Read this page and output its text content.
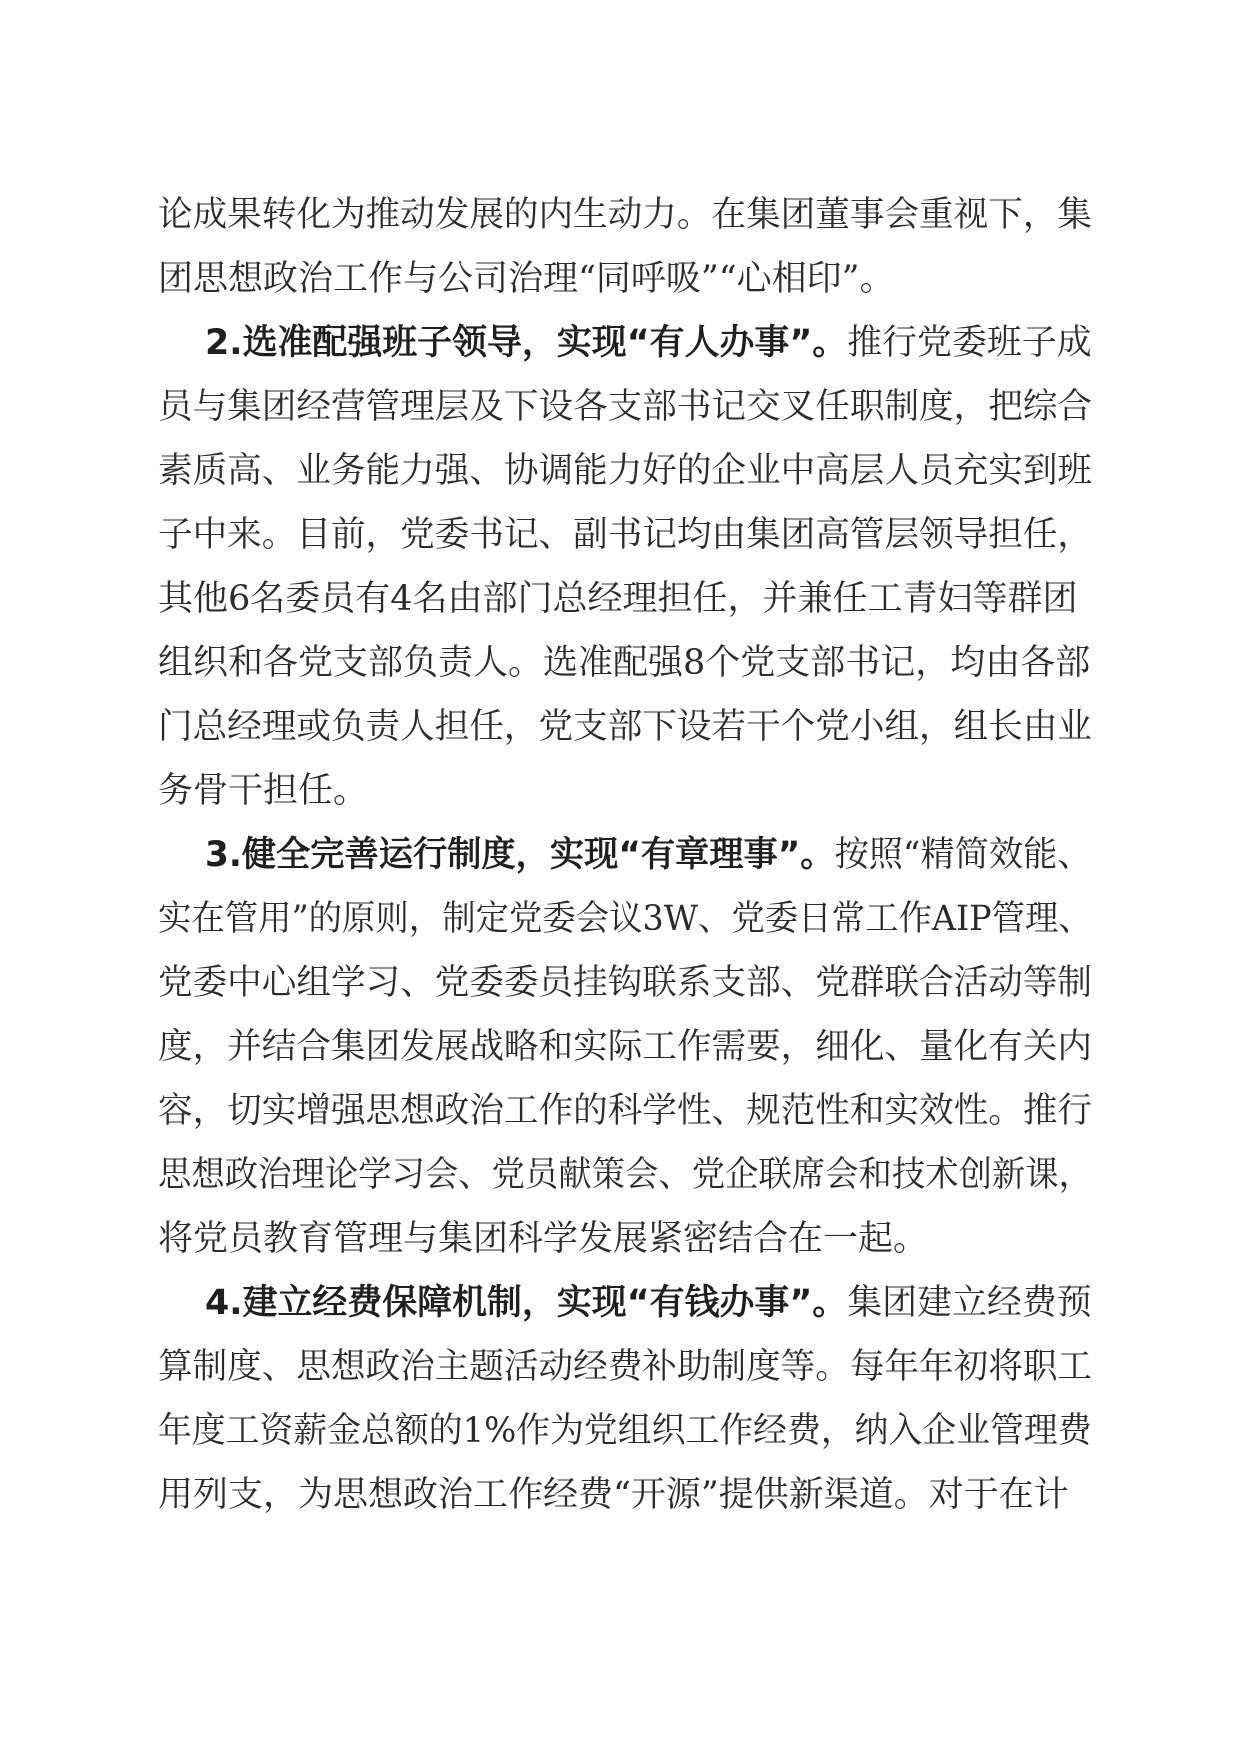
论成果转化为推动发展的内生动力。在集团董事会重视下，集
团思想政治工作与公司治理“同呼吸”“心相印”。
2.选准配强班子领导，实现“有人办事”。推行党委班子成
员与集团经营管理层及下设各支部书记交叉任职制度，把综合
素质高、业务能力强、协调能力好的企业中高层人员充实到班
子中来。目前，党委书记、副书记均由集团高管层领导担任，
其他6名委员有4名由部门总经理担任，并兼任工青妇等群团
组织和各党支部负责人。选准配强8个党支部书记，均由各部
门总经理或负责人担任，党支部下设若干个党小组，组长由业
务骨干担任。
3.健全完善运行制度，实现“有章理事”。按照“精简效能、
实在管用”的原则，制定党委会议3W、党委日常工作AIP管理、
党委中心组学习、党委委员挂钩联系支部、党群联合活动等制
度，并结合集团发展战略和实际工作需要，细化、量化有关内
容，切实增强思想政治工作的科学性、规范性和实效性。推行
思想政治理论学习会、党员献策会、党企联席会和技术创新课，
将党员教育管理与集团科学发展紧密结合在一起。
4.建立经费保障机制，实现“有钱办事”。集团建立经费预
算制度、思想政治主题活动经费补助制度等。每年年初将职工
年度工资薪金总额的1%作为党组织工作经费，纳入企业管理费
用列支，为思想政治工作经费“开源”提供新渠道。对于在计
